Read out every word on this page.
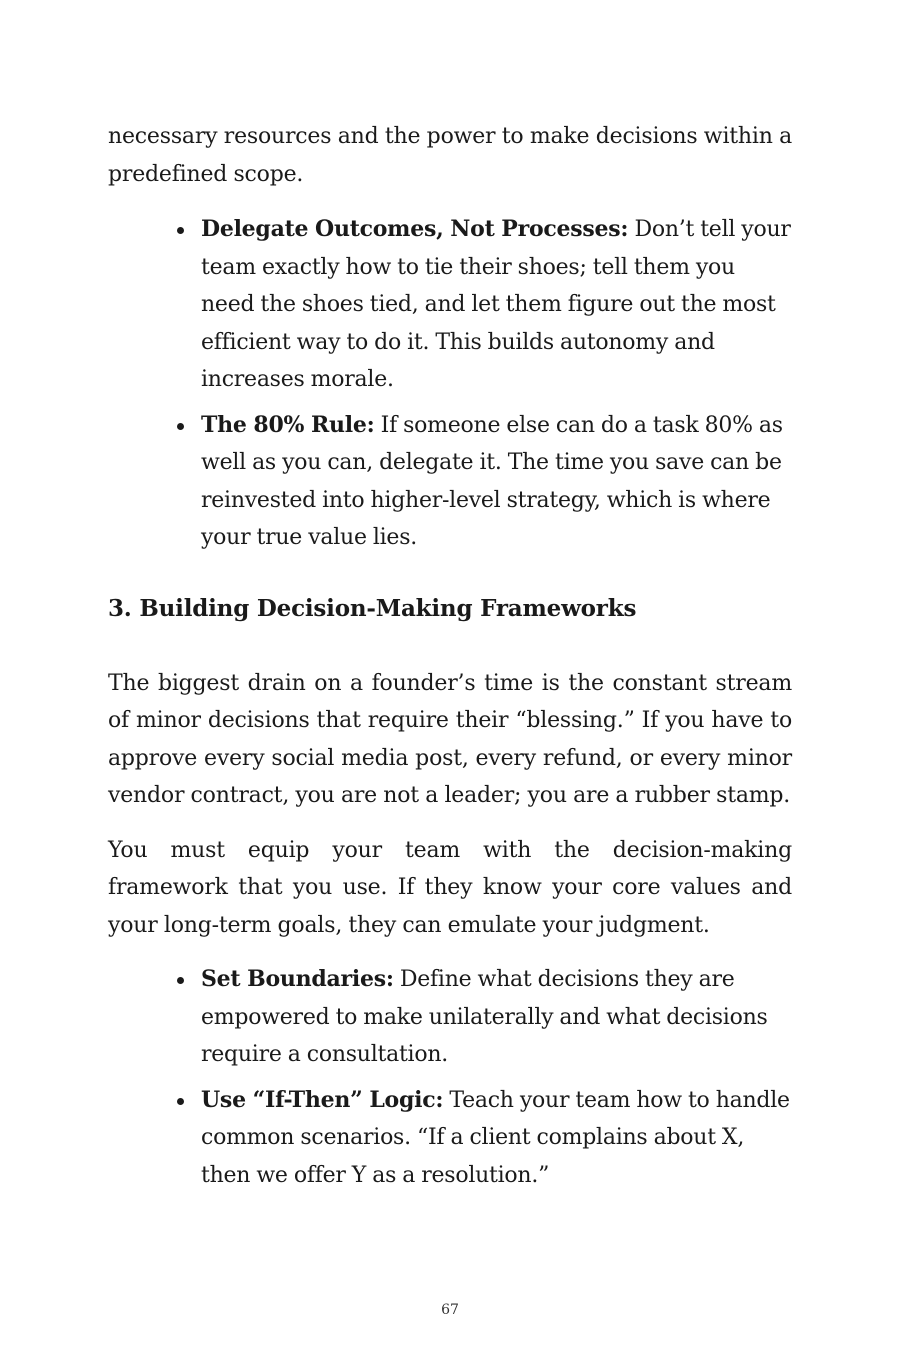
necessary resources and the power to make decisions within a predefined scope.

Delegate Outcomes, Not Processes: Don’t tell your team exactly how to tie their shoes; tell them you need the shoes tied, and let them figure out the most efficient way to do it. This builds autonomy and increases morale.
The 80% Rule: If someone else can do a task 80% as well as you can, delegate it. The time you save can be reinvested into higher-level strategy, which is where your true value lies.
3. Building Decision-Making Frameworks

The biggest drain on a founder’s time is the constant stream of minor decisions that require their “blessing.” If you have to approve every social media post, every refund, or every minor vendor contract, you are not a leader; you are a rubber stamp.

You must equip your team with the decision-making framework that you use. If they know your core values and your long-term goals, they can emulate your judgment.

Set Boundaries: Define what decisions they are empowered to make unilaterally and what decisions require a consultation.
Use “If-Then” Logic: Teach your team how to handle common scenarios. “If a client complains about X, then we offer Y as a resolution.”
67
